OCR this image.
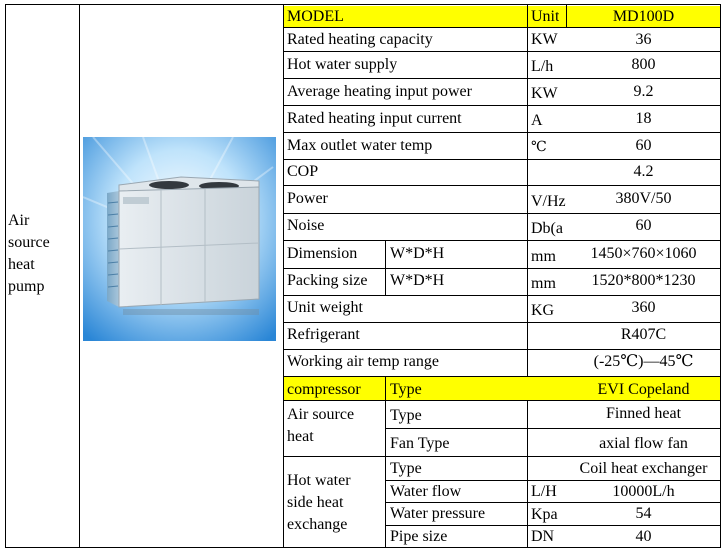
Air
source
heat
pump
MODEL	Unit	MD100D
Rated heating capacity	KW	36
Hot water supply	L/h	800
Average heating input power	KW	9.2
Rated heating input current	A	18
Max outlet water temp	℃	60
COP	4.2
Power	V/Hz	380V/50
Noise	Db(a	60
Dimension W*D*H	mm	1450×760×1060
Packing size W*D*H	mm	1520*800*1230
Unit weight	KG	360
Refrigerant	R407C
Working air temp range	(-25℃)—45℃
compressor Type	EVI Copeland
Air source
heat
Type	Finned heat
Fan Type	axial flow fan
Hot water
side heat
exchange
Type	Coil heat exchanger
Water flow	L/H	10000L/h
Water pressure	Kpa	54
Pipe size	DN	40
